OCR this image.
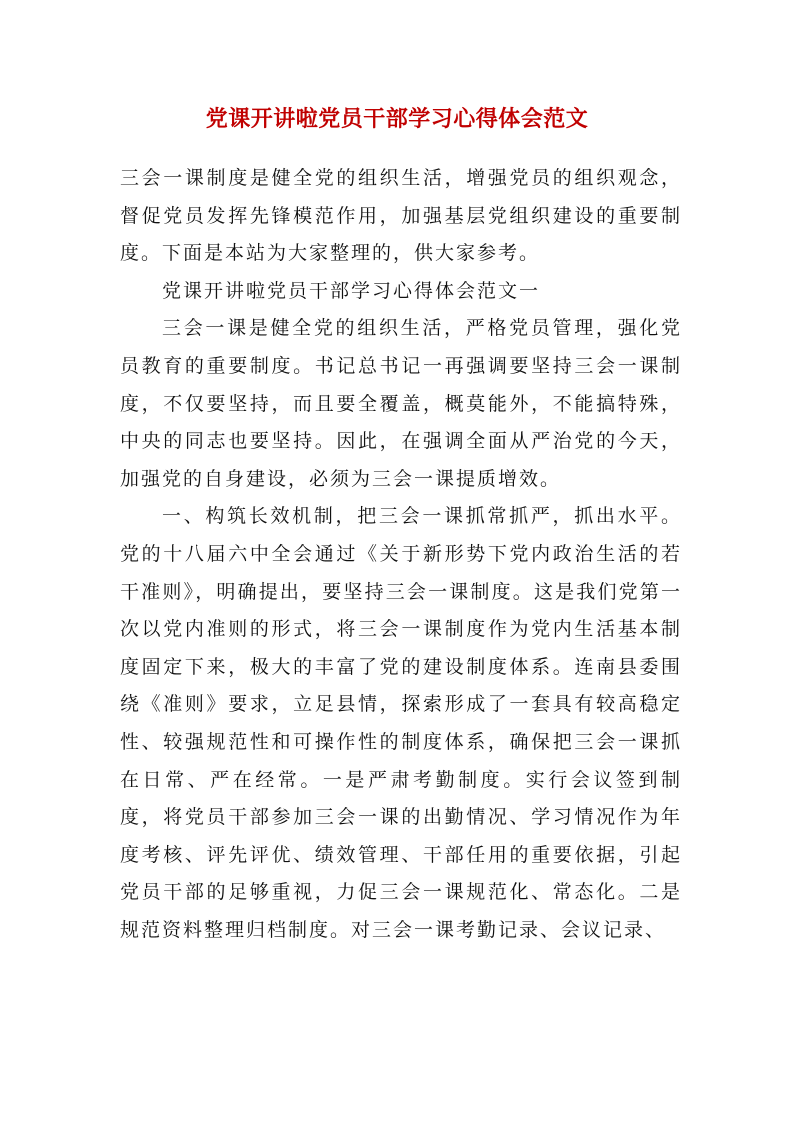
党课开讲啦党员干部学习心得体会范文

三会一课制度是健全党的组织生活，增强党员的组织观念，督促党员发挥先锋模范作用，加强基层党组织建设的重要制度。下面是本站为大家整理的，供大家参考。

党课开讲啦党员干部学习心得体会范文一

三会一课是健全党的组织生活，严格党员管理，强化党员教育的重要制度。书记总书记一再强调要坚持三会一课制度，不仅要坚持，而且要全覆盖，概莫能外，不能搞特殊，中央的同志也要坚持。因此，在强调全面从严治党的今天，加强党的自身建设，必须为三会一课提质增效。

一、构筑长效机制，把三会一课抓常抓严，抓出水平。党的十八届六中全会通过《关于新形势下党内政治生活的若干准则》，明确提出，要坚持三会一课制度。这是我们党第一次以党内准则的形式，将三会一课制度作为党内生活基本制度固定下来，极大的丰富了党的建设制度体系。连南县委围绕《准则》要求，立足县情，探索形成了一套具有较高稳定性、较强规范性和可操作性的制度体系，确保把三会一课抓在日常、严在经常。一是严肃考勤制度。实行会议签到制度，将党员干部参加三会一课的出勤情况、学习情况作为年度考核、评先评优、绩效管理、干部任用的重要依据，引起党员干部的足够重视，力促三会一课规范化、常态化。二是规范资料整理归档制度。对三会一课考勤记录、会议记录、
